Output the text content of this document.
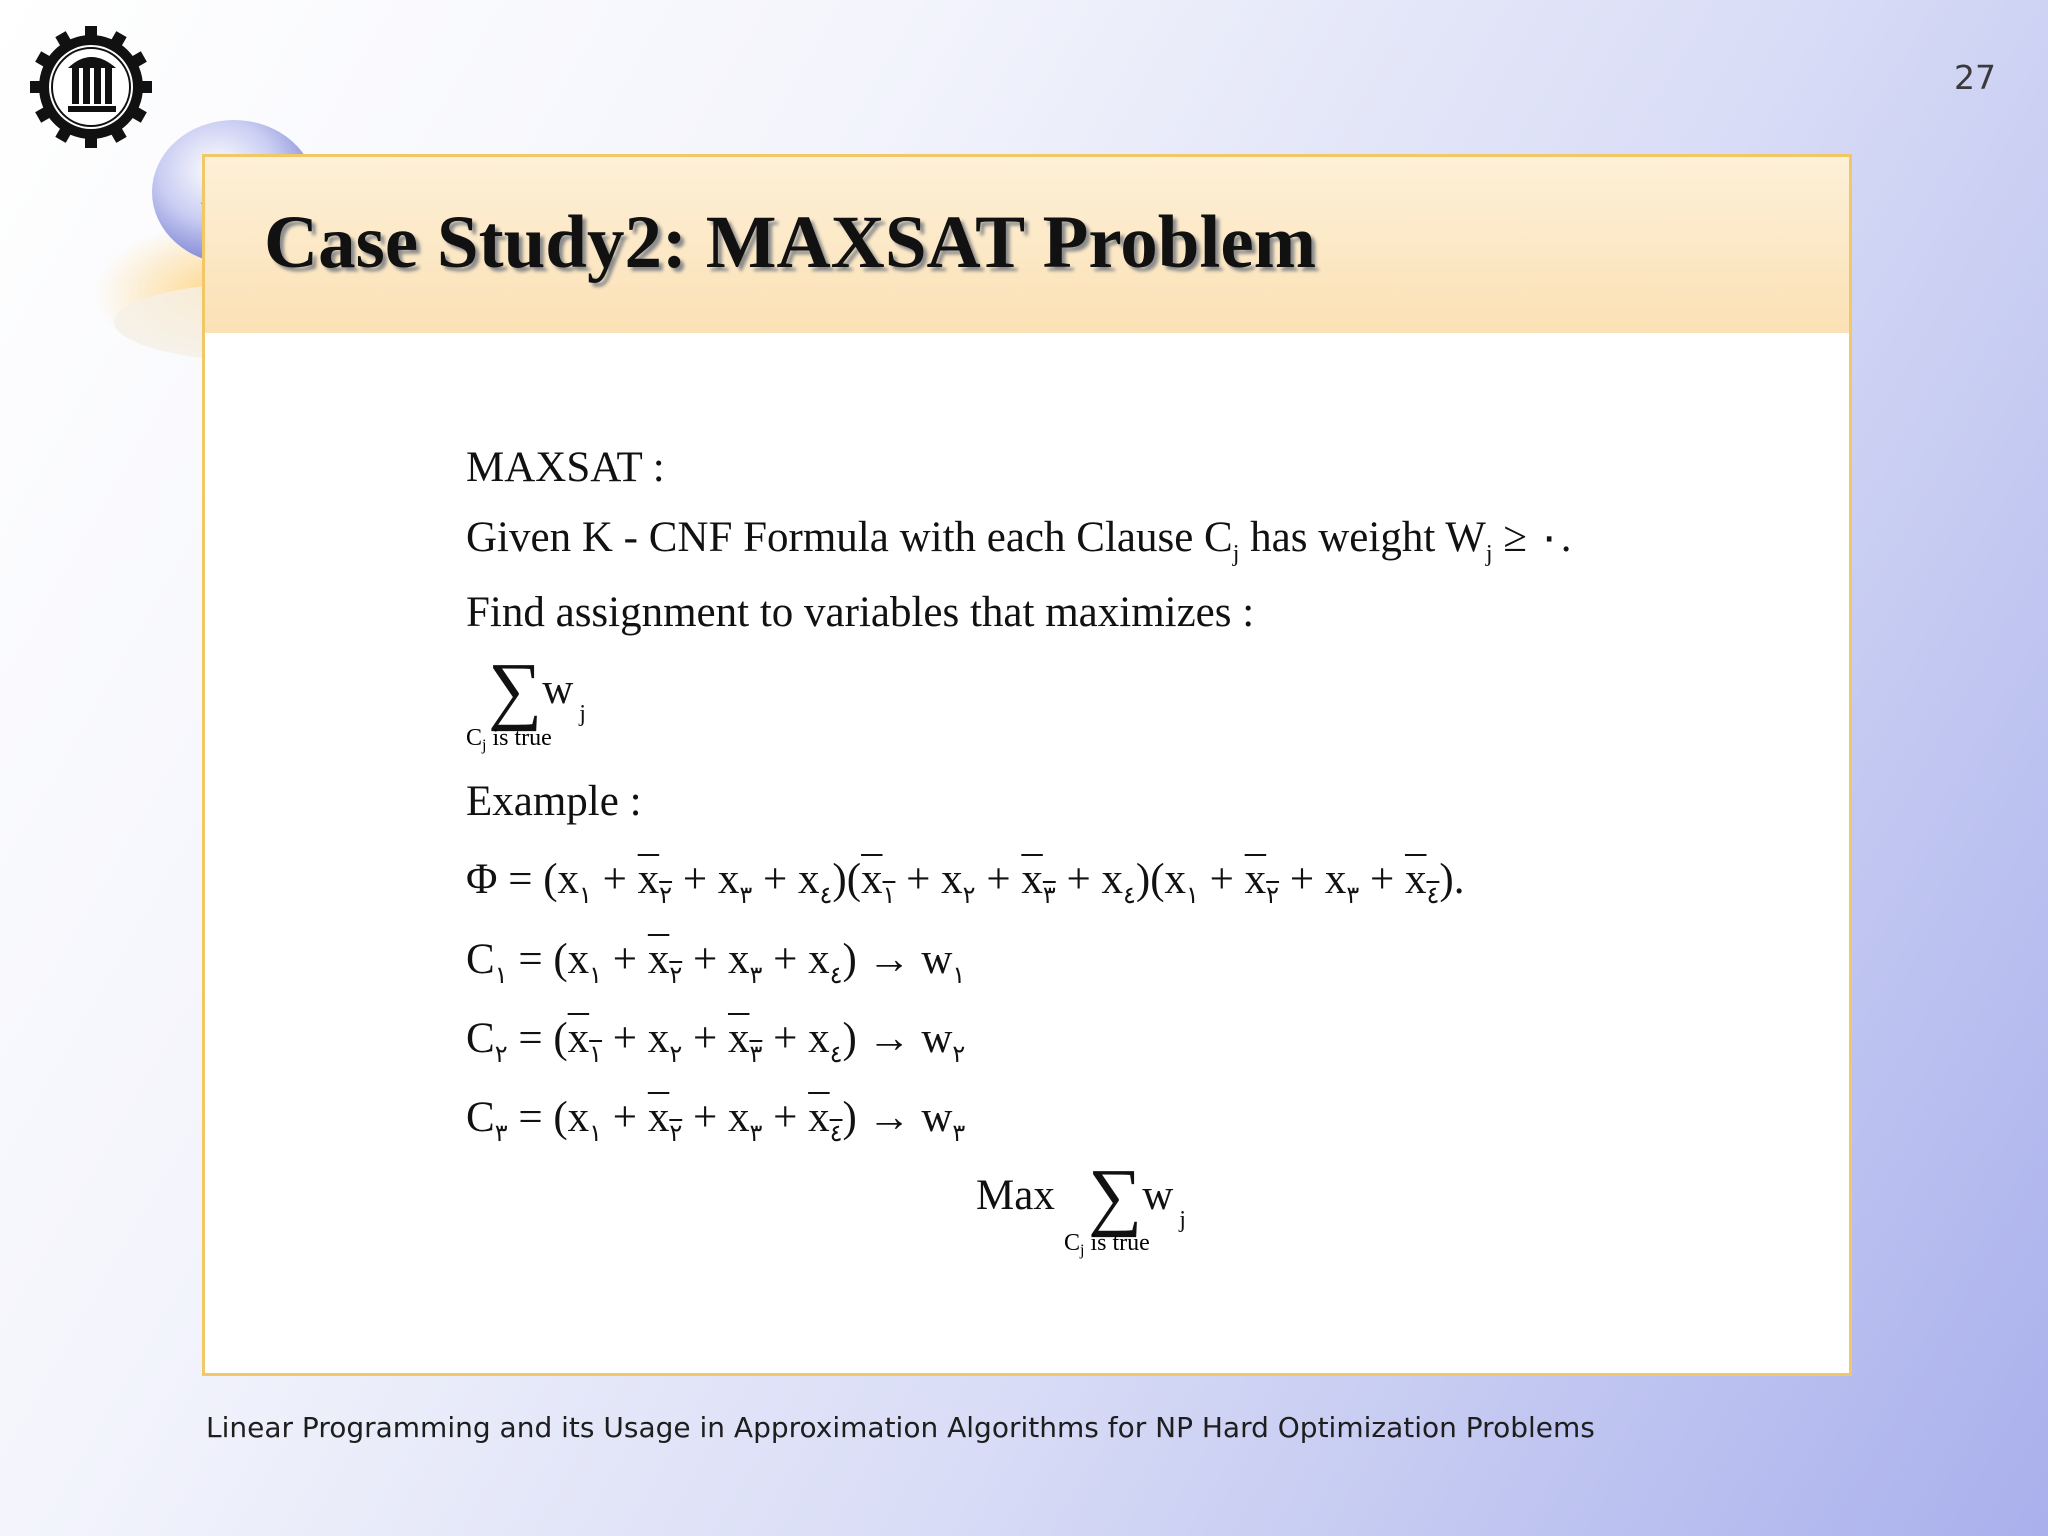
27
Case Study2: MAXSAT Problem
MAXSAT :
Given K - CNF Formula with each Clause $C_j$ has weight $W_j$ ≥ ٠.
Find assignment to variables that maximizes :
∑wj
$C_j$ is true
Example :
$\Phi = (x_١ + x_٢ + x_٣ + x_٤)(x_١ + x_٢ + x_٣ + x_٤)(x_١ + x_٢ + x_٣ + x_٤)$.
$C_١ = (x_١ + x_٢ + x_٣ + x_٤) \to w_١$
$C_٢ = (x_١ + x_٢ + x_٣ + x_٤) \to w_٢$
$C_٣ = (x_١ + x_٢ + x_٣ + x_٤) \to w_٣$
Max ∑wj
$C_j$ is true
Linear Programming and its Usage in Approximation Algorithms for NP Hard Optimization Problems
